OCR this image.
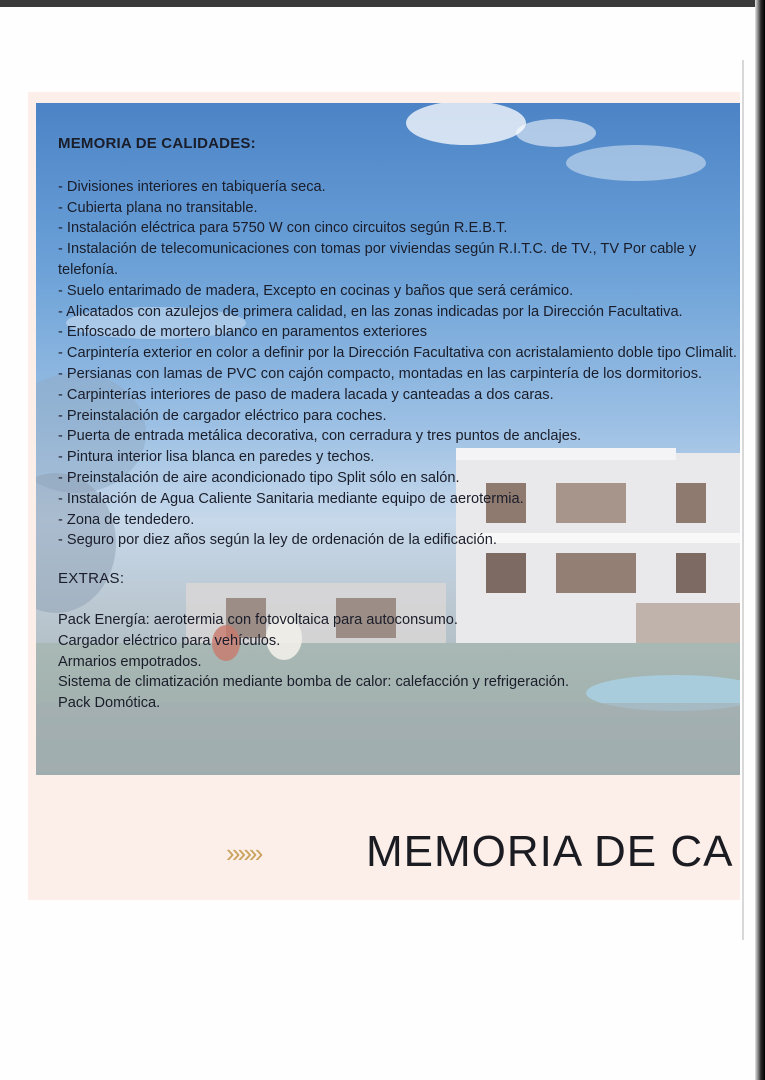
MEMORIA DE CALIDADES:

- Divisiones interiores en tabiquería seca.
- Cubierta plana no transitable.
- Instalación eléctrica para 5750 W con cinco circuitos según R.E.B.T.
- Instalación de telecomunicaciones con tomas por viviendas según R.I.T.C. de TV., TV Por cable y telefonía.
- Suelo entarimado de madera, Excepto en cocinas y baños que será cerámico.
- Alicatados con azulejos de primera calidad, en las zonas indicadas por la Dirección Facultativa.
- Enfoscado de mortero blanco en paramentos exteriores
- Carpintería exterior en color a definir por la Dirección Facultativa con acristalamiento doble tipo Climalit.
- Persianas con lamas de PVC con cajón compacto, montadas en las carpintería de los dormitorios.
- Carpinterías interiores de paso de madera lacada y canteadas a dos caras.
- Preinstalación de cargador eléctrico para coches.
- Puerta de entrada metálica decorativa, con cerradura y tres puntos de anclajes.
- Pintura interior lisa blanca en paredes y techos.
- Preinstalación de aire acondicionado tipo Split sólo en salón.
- Instalación de Agua Caliente Sanitaria mediante equipo de aerotermia.
- Zona de tendedero.
- Seguro por diez años según la ley de ordenación de la edificación.

EXTRAS:

Pack Energía: aerotermia con fotovoltaica para autoconsumo.
Cargador eléctrico para vehículos.
Armarios empotrados.
Sistema de climatización mediante bomba de calor: calefacción y refrigeración.
Pack Domótica.
»»» MEMORIA DE CA
